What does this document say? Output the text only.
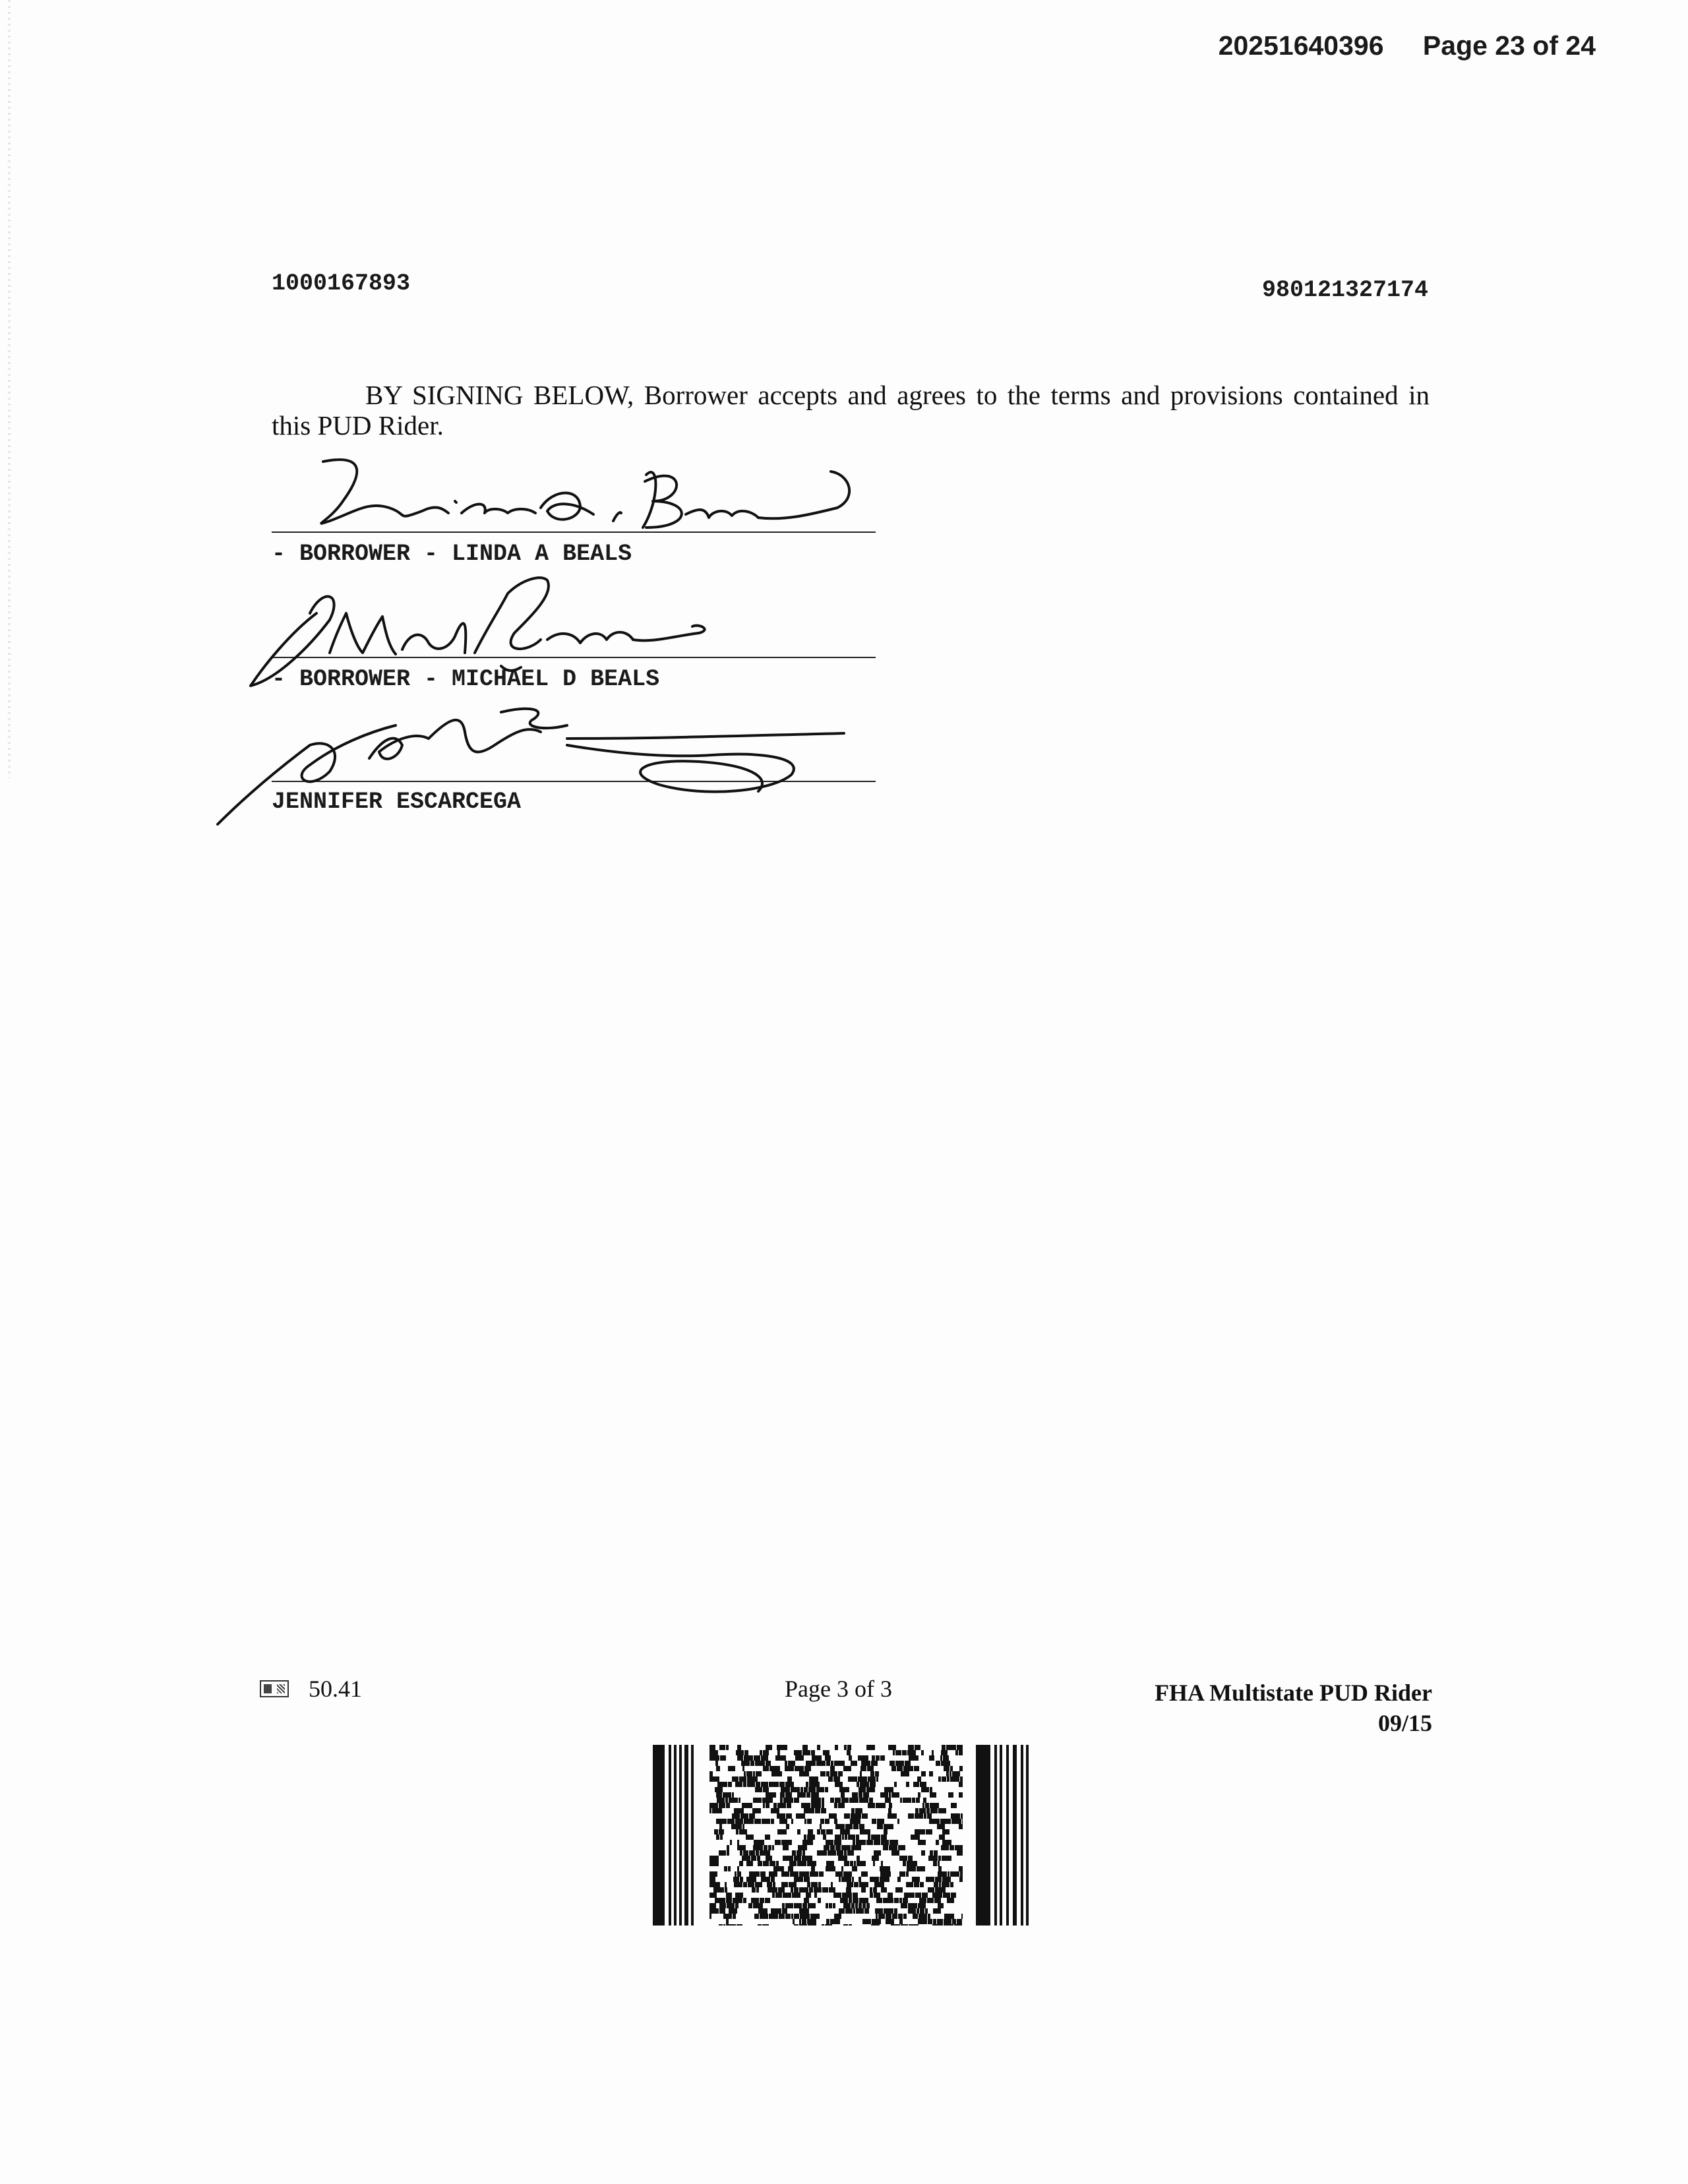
20251640396 Page 23 of 24
1000167893	980121327174

BY SIGNING BELOW, Borrower accepts and agrees to the terms and provisions contained in this PUD Rider.

- BORROWER - LINDA A BEALS
- BORROWER - MICHAEL D BEALS
JENNIFER ESCARCEGA
50.41	Page 3 of 3	FHA Multistate PUD Rider
09/15
